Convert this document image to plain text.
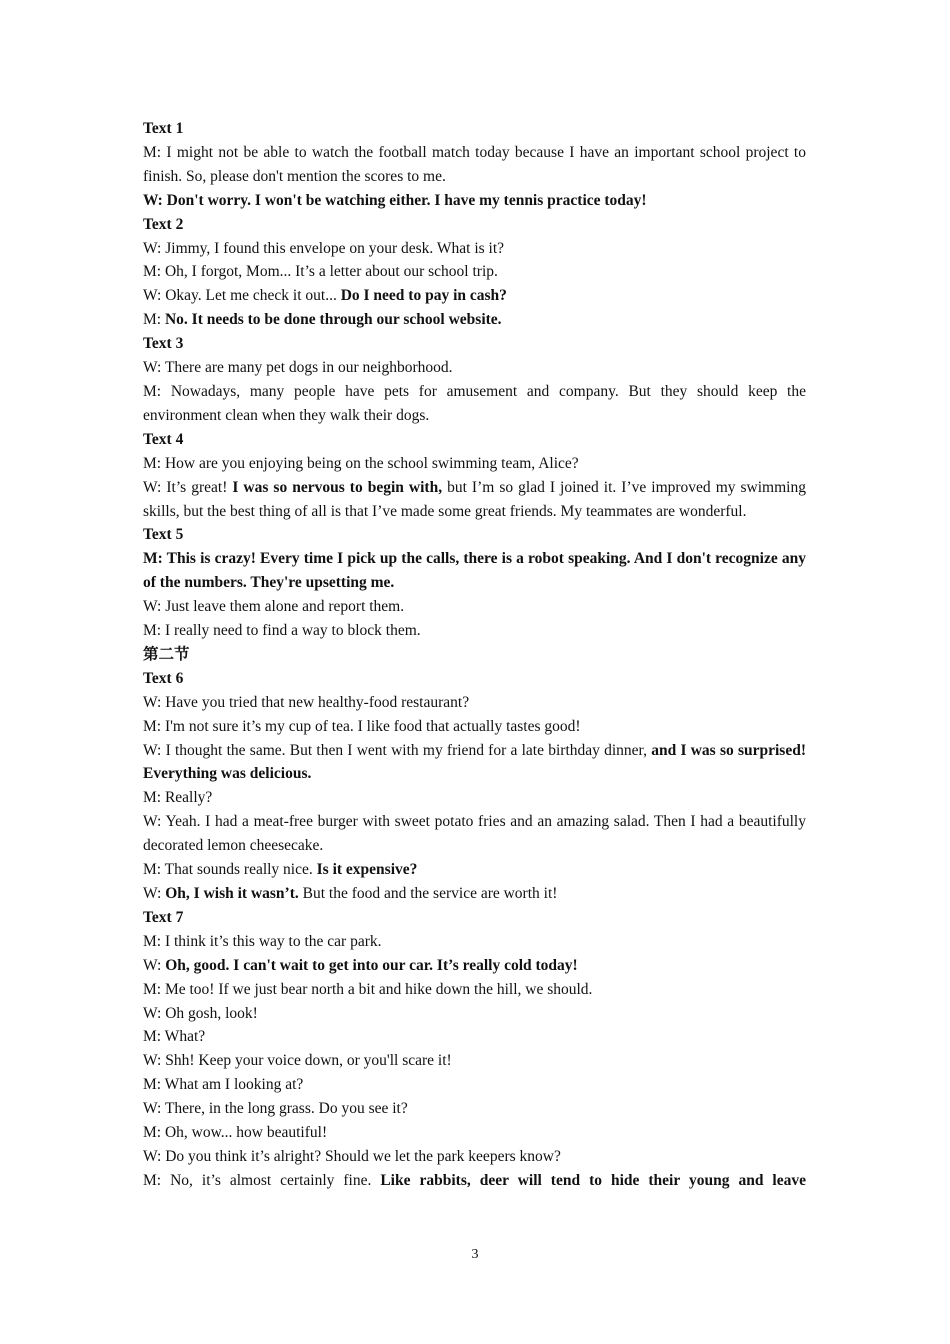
Text 1
M: I might not be able to watch the football match today because I have an important school project to finish. So, please don't mention the scores to me.
W: Don't worry. I won't be watching either. I have my tennis practice today!
Text 2
W: Jimmy, I found this envelope on your desk. What is it?
M: Oh, I forgot, Mom... It’s a letter about our school trip.
W: Okay. Let me check it out... Do I need to pay in cash?
M: No. It needs to be done through our school website.
Text 3
W: There are many pet dogs in our neighborhood.
M: Nowadays, many people have pets for amusement and company. But they should keep the environment clean when they walk their dogs.
Text 4
M: How are you enjoying being on the school swimming team, Alice?
W: It’s great! I was so nervous to begin with, but I’m so glad I joined it. I’ve improved my swimming skills, but the best thing of all is that I’ve made some great friends. My teammates are wonderful.
Text 5
M: This is crazy! Every time I pick up the calls, there is a robot speaking. And I don't recognize any of the numbers. They're upsetting me.
W: Just leave them alone and report them.
M: I really need to find a way to block them.
第二节
Text 6
W: Have you tried that new healthy-food restaurant?
M: I'm not sure it’s my cup of tea. I like food that actually tastes good!
W: I thought the same. But then I went with my friend for a late birthday dinner, and I was so surprised! Everything was delicious.
M: Really?
W: Yeah. I had a meat-free burger with sweet potato fries and an amazing salad. Then I had a beautifully decorated lemon cheesecake.
M: That sounds really nice. Is it expensive?
W: Oh, I wish it wasn’t. But the food and the service are worth it!
Text 7
M: I think it’s this way to the car park.
W: Oh, good. I can't wait to get into our car. It’s really cold today!
M: Me too! If we just bear north a bit and hike down the hill, we should.
W: Oh gosh, look!
M: What?
W: Shh! Keep your voice down, or you'll scare it!
M: What am I looking at?
W: There, in the long grass. Do you see it?
M: Oh, wow... how beautiful!
W: Do you think it’s alright? Should we let the park keepers know?
M: No, it’s almost certainly fine. Like rabbits, deer will tend to hide their young and leave
3
